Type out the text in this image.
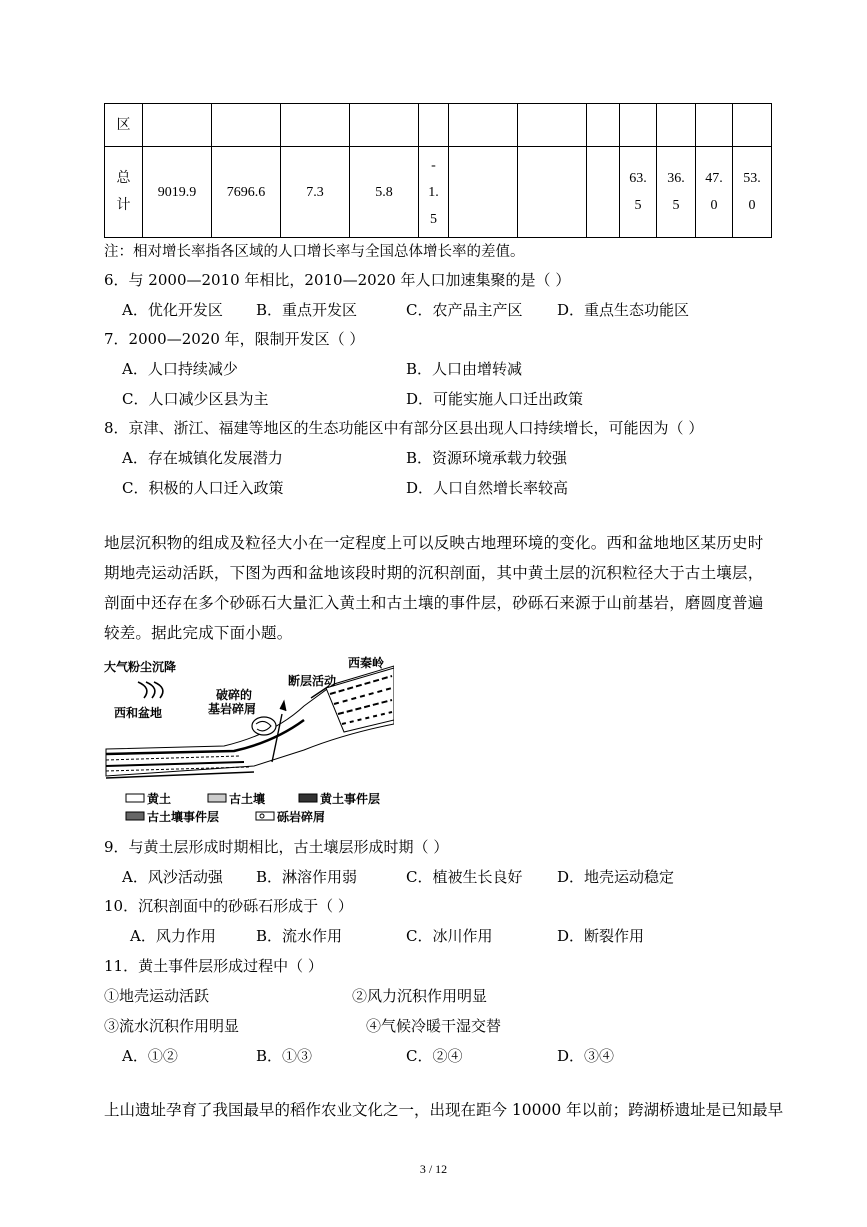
区												
总计	9019.9	7696.6	7.3	5.8	-1.5				63.5	36.5	47.0	53.0
注：相对增长率指各区域的人口增长率与全国总体增长率的差值。
6．与 2000—2010 年相比，2010—2020 年人口加速集聚的是（ ）
A．优化开发区 B．重点开发区	C．农产品主产区 D．重点生态功能区
7．2000—2020 年，限制开发区（ ）
A．人口持续减少	B．人口由增转减
C．人口减少区县为主	D．可能实施人口迁出政策
8．京津、浙江、福建等地区的生态功能区中有部分区县出现人口持续增长，可能因为（ ）
A．存在城镇化发展潜力	B．资源环境承载力较强
C．积极的人口迁入政策	D．人口自然增长率较高
地层沉积物的组成及粒径大小在一定程度上可以反映古地理环境的变化。西和盆地地区某历史时期地壳运动活跃，下图为西和盆地该段时期的沉积剖面，其中黄土层的沉积粒径大于古土壤层，剖面中还存在多个砂砾石大量汇入黄土和古土壤的事件层，砂砾石来源于山前基岩，磨圆度普遍较差。据此完成下面小题。
大气粉尘沉降
西和盆地
破碎的
基岩碎屑
断层活动
西秦岭
黄土	古土壤	黄土事件层
古土壤事件层	砾岩碎屑
9．与黄土层形成时期相比，古土壤层形成时期（ ）
A．风沙活动强 B．淋溶作用弱	C．植被生长良好 D．地壳运动稳定
10．沉积剖面中的砂砾石形成于（ ）
A．风力作用	B．流水作用	C．冰川作用	D．断裂作用
11．黄土事件层形成过程中（ ）
①地壳运动活跃	②风力沉积作用明显
③流水沉积作用明显	④气候冷暖干湿交替
A．①②	B．①③	C．②④	D．③④
上山遗址孕育了我国最早的稻作农业文化之一，出现在距今 10000 年以前；跨湖桥遗址是已知最早
3 / 12
